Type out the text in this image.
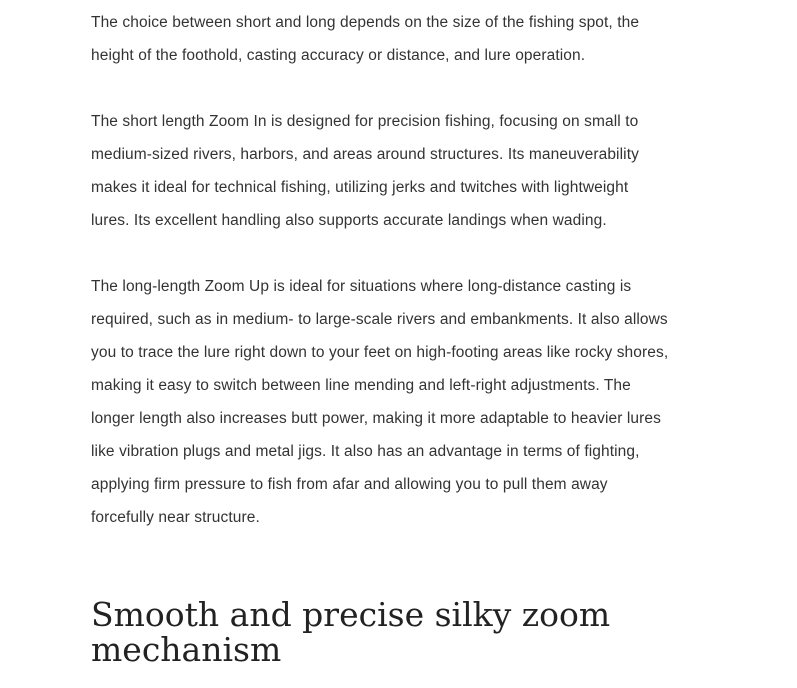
The choice between short and long depends on the size of the fishing spot, the
height of the foothold, casting accuracy or distance, and lure operation.

The short length Zoom In is designed for precision fishing, focusing on small to
medium-sized rivers, harbors, and areas around structures. Its maneuverability
makes it ideal for technical fishing, utilizing jerks and twitches with lightweight
lures. Its excellent handling also supports accurate landings when wading.

The long-length Zoom Up is ideal for situations where long-distance casting is
required, such as in medium- to large-scale rivers and embankments. It also allows
you to trace the lure right down to your feet on high-footing areas like rocky shores,
making it easy to switch between line mending and left-right adjustments. The
longer length also increases butt power, making it more adaptable to heavier lures
like vibration plugs and metal jigs. It also has an advantage in terms of fighting,
applying firm pressure to fish from afar and allowing you to pull them away
forcefully near structure.

Smooth and precise silky zoom
mechanism
